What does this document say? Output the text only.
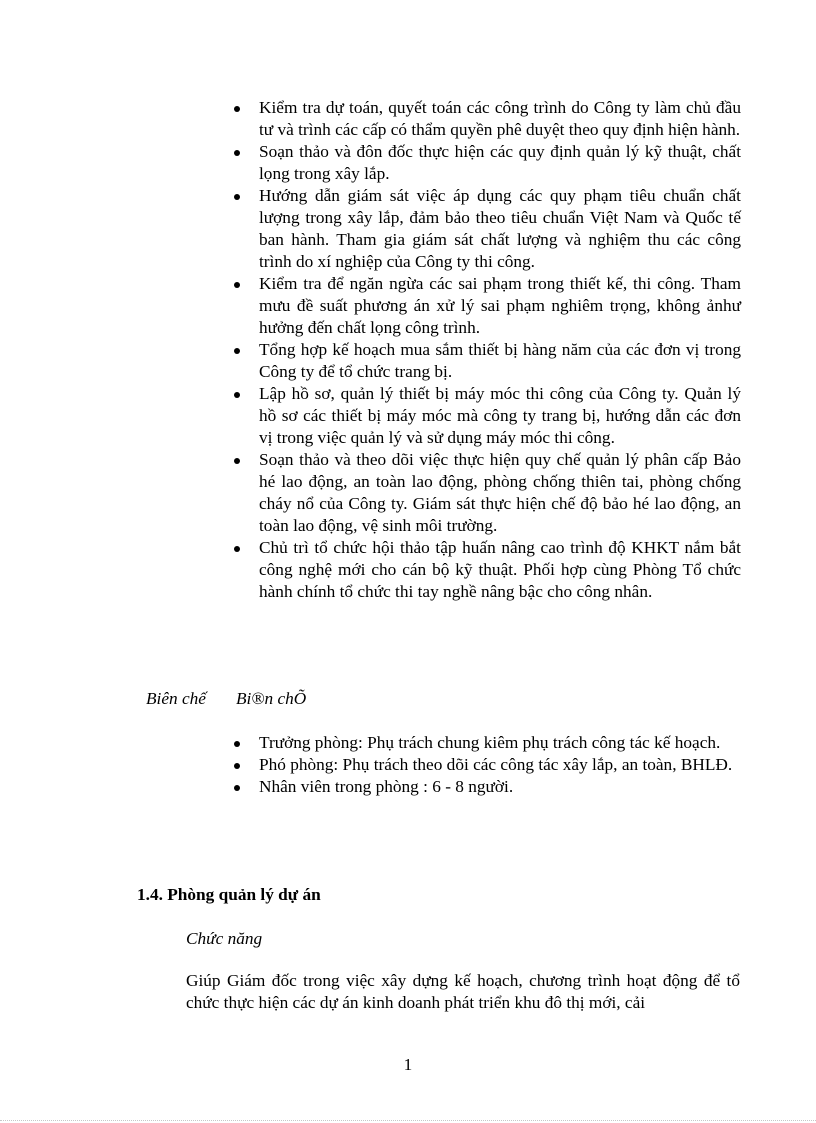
Kiểm tra dự toán, quyết toán các công trình do Công ty làm chủ đầu tư và trình các cấp có thẩm quyền phê duyệt theo quy định hiện hành.
Soạn thảo và đôn đốc thực hiện các quy định quản lý kỹ thuật, chất lọng trong xây lắp.
Hướng dẫn giám sát việc áp dụng các quy phạm tiêu chuẩn chất lượng trong xây lắp, đảm bảo theo tiêu chuẩn Việt Nam và Quốc tế ban hành. Tham gia giám sát chất lượng và nghiệm thu các công trình do xí nghiệp của Công ty thi công.
Kiểm tra để ngăn ngừa các sai phạm trong thiết kế, thi công. Tham mưu đề suất phương án xử lý sai phạm nghiêm trọng, không ảnhư hưởng đến chất lọng công trình.
Tổng hợp kế hoạch mua sắm thiết bị hàng năm của các đơn vị trong Công ty để tổ chức trang bị.
Lập hồ sơ, quản lý thiết bị máy móc thi công của Công ty. Quản lý hồ sơ các thiết bị máy móc mà công ty trang bị, hướng dẫn các đơn vị trong việc quản lý và sử dụng máy móc thi công.
Soạn thảo và theo dõi việc thực hiện quy chế quản lý phân cấp Bảo hé lao động, an toàn lao động, phòng chống thiên tai, phòng chống cháy nổ của Công ty. Giám sát thực hiện chế độ bảo hé lao động, an toàn lao động, vệ sinh môi trường.
Chủ trì tổ chức hội thảo tập huấn nâng cao trình độ KHKT nắm bắt công nghệ mới cho cán bộ kỹ thuật. Phối hợp cùng Phòng Tổ chức hành chính tổ chức thi tay nghề nâng bậc cho công nhân.
Biên chế Bi®n chÕ
Trưởng phòng: Phụ trách chung kiêm phụ trách công tác kế hoạch.
Phó phòng: Phụ trách theo dõi các công tác xây lắp, an toàn, BHLĐ.
Nhân viên trong phòng : 6 - 8 người.
1.4. Phòng quản lý dự án
Chức năng
Giúp Giám đốc trong việc xây dựng kế hoạch, chương trình hoạt động để tổ chức thực hiện các dự án kinh doanh phát triển khu đô thị mới, cải
1
